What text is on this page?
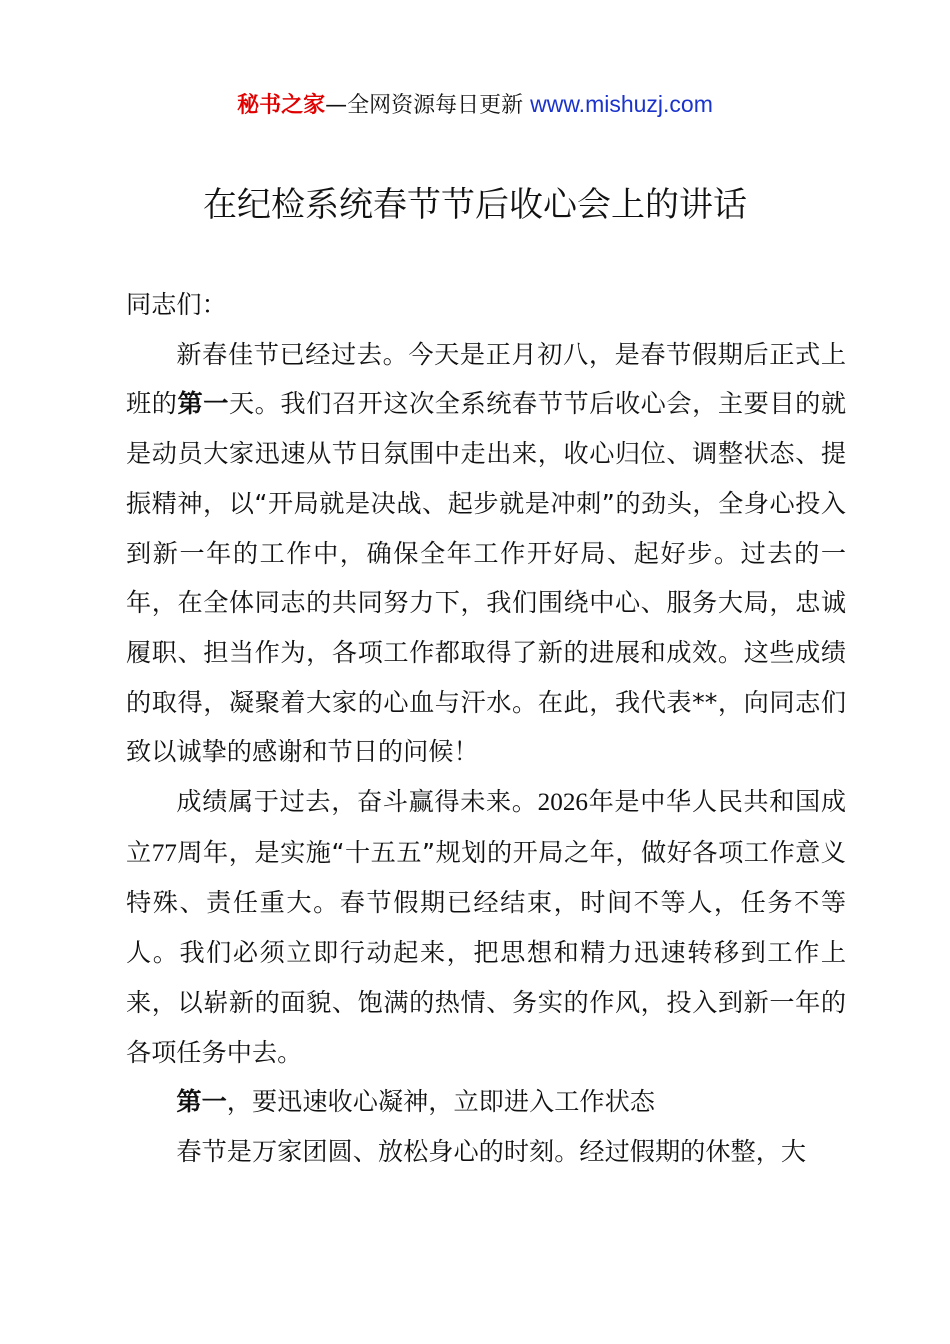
秘书之家—全网资源每日更新 www.mishuzj.com
在纪检系统春节节后收心会上的讲话

同志们：

新春佳节已经过去。今天是正月初八，是春节假期后正式上班的第一天。我们召开这次全系统春节节后收心会，主要目的就是动员大家迅速从节日氛围中走出来，收心归位、调整状态、提振精神，以“开局就是决战、起步就是冲刺”的劲头，全身心投入到新一年的工作中，确保全年工作开好局、起好步。过去的一年，在全体同志的共同努力下，我们围绕中心、服务大局，忠诚履职、担当作为，各项工作都取得了新的进展和成效。这些成绩的取得，凝聚着大家的心血与汗水。在此，我代表**，向同志们致以诚挚的感谢和节日的问候！

成绩属于过去，奋斗赢得未来。2026年是中华人民共和国成立77周年，是实施“十五五”规划的开局之年，做好各项工作意义特殊、责任重大。春节假期已经结束，时间不等人，任务不等人。我们必须立即行动起来，把思想和精力迅速转移到工作上来，以崭新的面貌、饱满的热情、务实的作风，投入到新一年的各项任务中去。

第一，要迅速收心凝神，立即进入工作状态

春节是万家团圆、放松身心的时刻。经过假期的休整，大
